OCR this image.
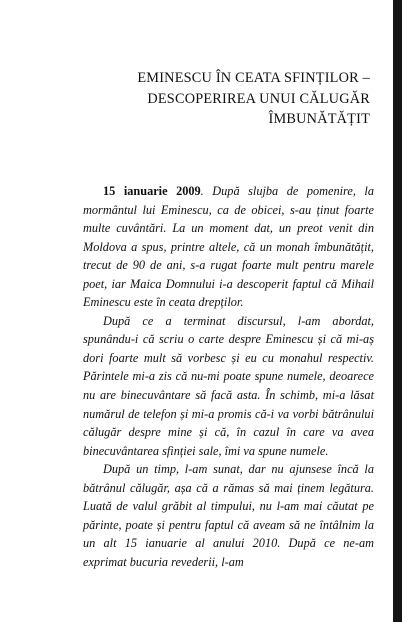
EMINESCU ÎN CEATA SFINȚILOR –
DESCOPERIREA UNUI CĂLUGĂR
ÎMBUNĂTĂȚIT

15 ianuarie 2009. După slujba de pomenire, la mormântul lui Eminescu, ca de obicei, s-au ținut foarte multe cuvântări. La un moment dat, un preot venit din Moldova a spus, printre altele, că un monah îmbunătățit, trecut de 90 de ani, s-a rugat foarte mult pentru marele poet, iar Maica Domnului i-a descoperit faptul că Mihail Eminescu este în ceata drepților.

După ce a terminat discursul, l-am abordat, spunându-i că scriu o carte despre Eminescu și că mi-aș dori foarte mult să vorbesc și eu cu monahul respectiv. Părintele mi-a zis că nu-mi poate spune numele, deoarece nu are binecuvântare să facă asta. În schimb, mi-a lăsat numărul de telefon și mi-a promis că-i va vorbi bătrânului călugăr despre mine și că, în cazul în care va avea binecuvântarea sfinției sale, îmi va spune numele.

După un timp, l-am sunat, dar nu ajunsese încă la bătrânul călugăr, așa că a rămas să mai ținem legătura. Luată de valul grăbit al timpului, nu l-am mai căutat pe părinte, poate și pentru faptul că aveam să ne întâlnim la un alt 15 ianuarie al anului 2010. După ce ne-am exprimat bucuria revederii, l-am
